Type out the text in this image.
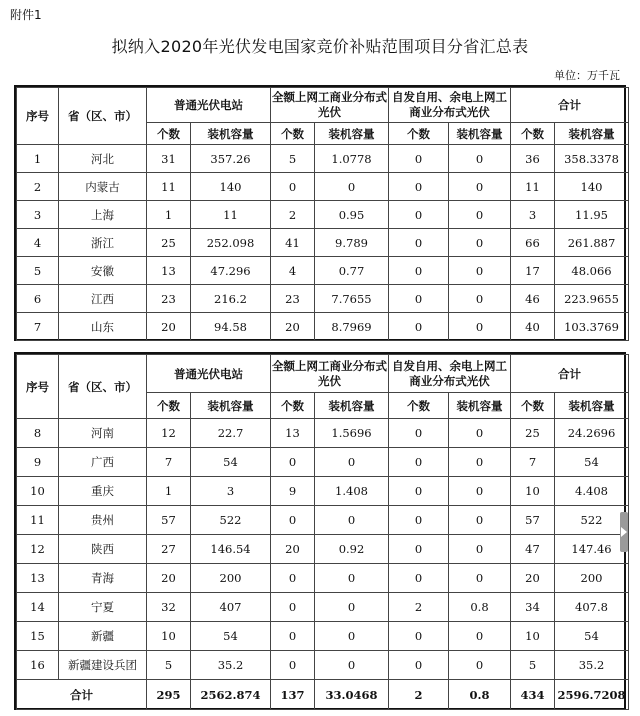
附件1
拟纳入2020年光伏发电国家竞价补贴范围项目分省汇总表
单位：万千瓦
序号	省（区、市）	普通光伏电站		全额上网工商业分布式光伏		自发自用、余电上网工商业分布式光伏		合计	
		个数	装机容量	个数	装机容量	个数	装机容量	个数	装机容量
1	河北	31	357.26	5	1.0778	0	0	36	358.3378
2	内蒙古	11	140	0	0	0	0	11	140
3	上海	1	11	2	0.95	0	0	3	11.95
4	浙江	25	252.098	41	9.789	0	0	66	261.887
5	安徽	13	47.296	4	0.77	0	0	17	48.066
6	江西	23	216.2	23	7.7655	0	0	46	223.9655
7	山东	20	94.58	20	8.7969	0	0	40	103.3769
序号	省（区、市）	普通光伏电站		全额上网工商业分布式光伏		自发自用、余电上网工商业分布式光伏		合计	
		个数	装机容量	个数	装机容量	个数	装机容量	个数	装机容量
8	河南	12	22.7	13	1.5696	0	0	25	24.2696
9	广西	7	54	0	0	0	0	7	54
10	重庆	1	3	9	1.408	0	0	10	4.408
11	贵州	57	522	0	0	0	0	57	522
12	陕西	27	146.54	20	0.92	0	0	47	147.46
13	青海	20	200	0	0	0	0	20	200
14	宁夏	32	407	0	0	2	0.8	34	407.8
15	新疆	10	54	0	0	0	0	10	54
16	新疆建设兵团	5	35.2	0	0	0	0	5	35.2
合计		295	2562.874	137	33.0468	2	0.8	434	2596.7208
